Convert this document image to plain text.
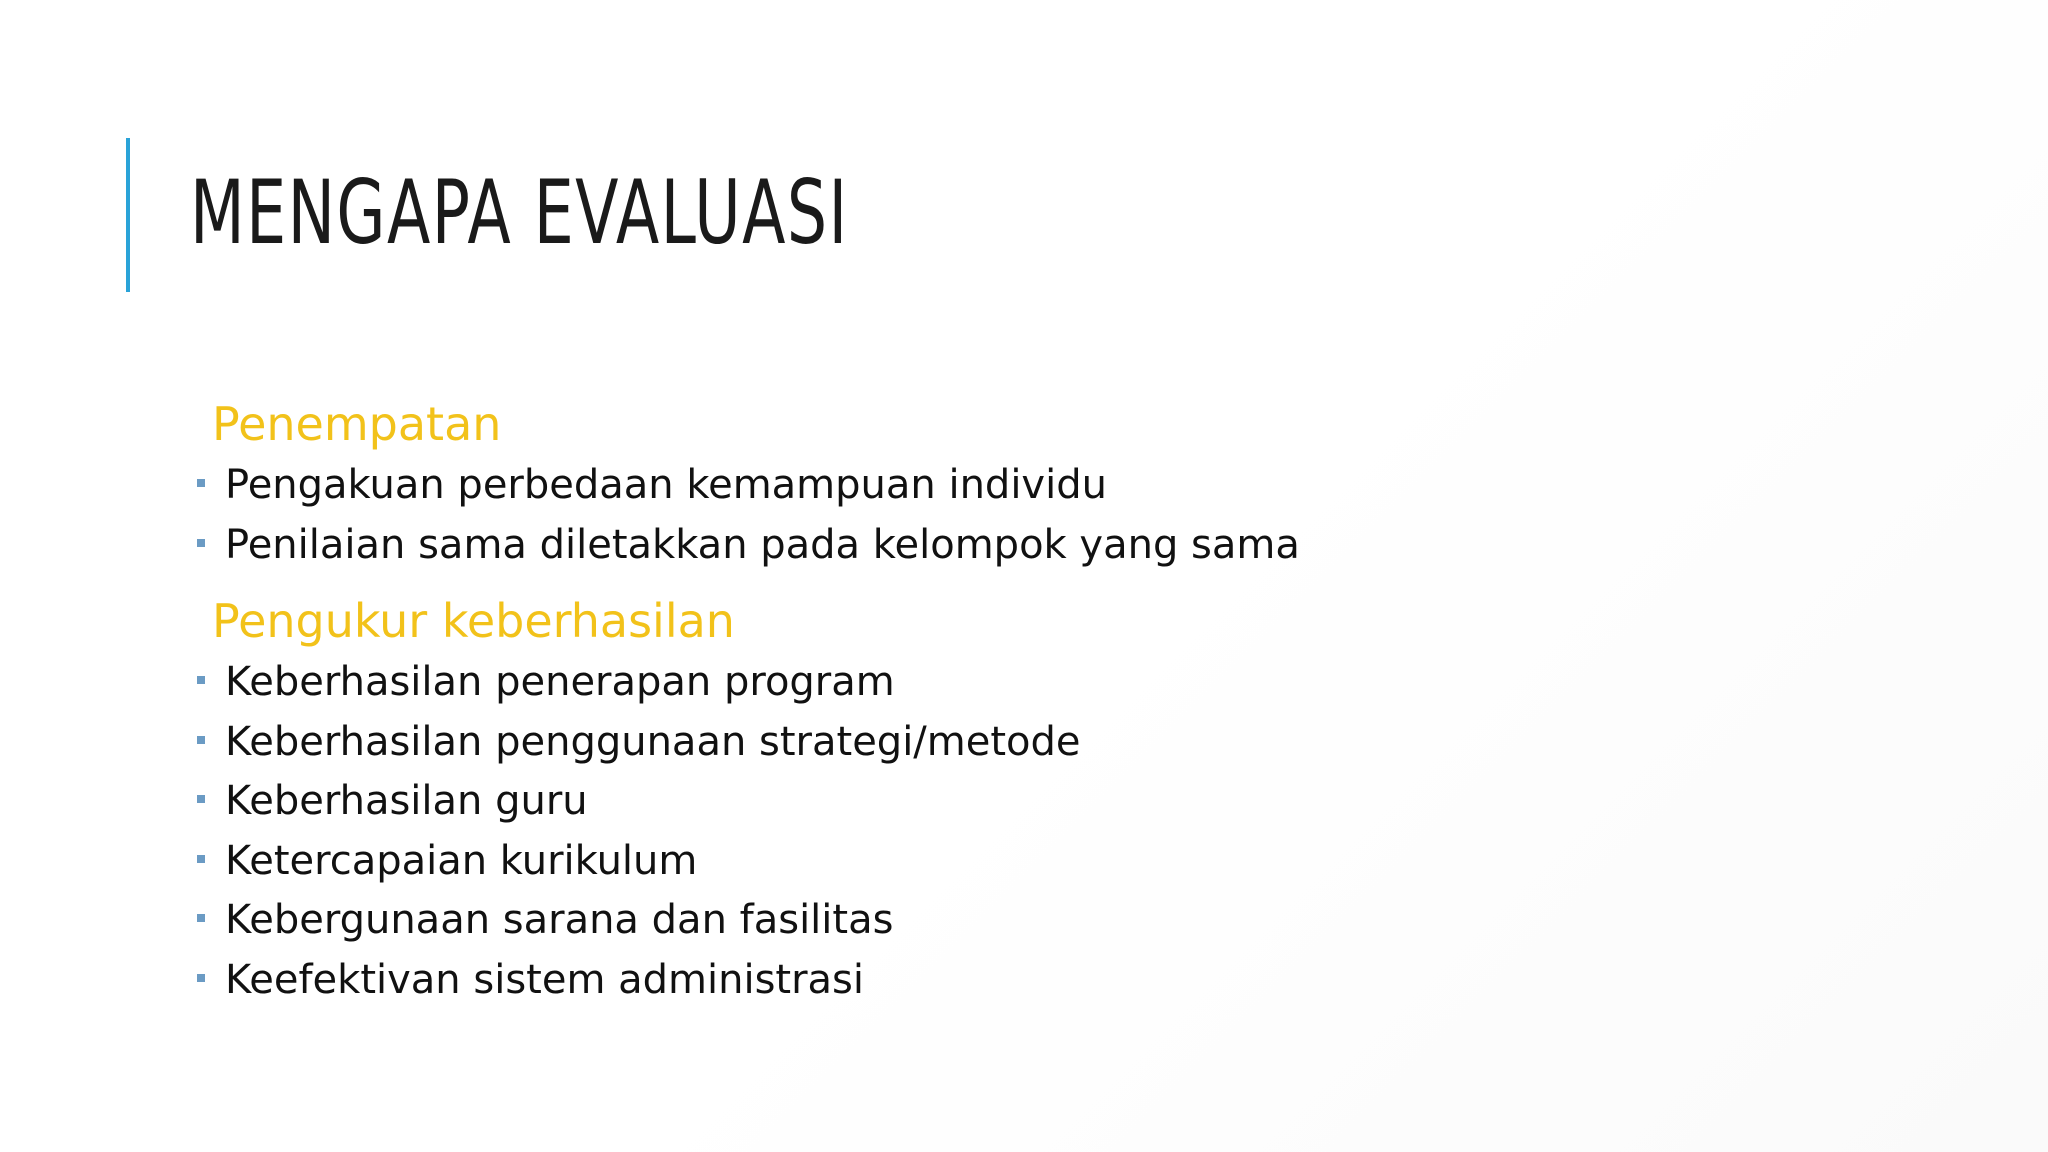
MENGAPA EVALUASI
Penempatan
Pengakuan perbedaan kemampuan individu
Penilaian sama diletakkan pada kelompok yang sama
Pengukur keberhasilan
Keberhasilan penerapan program
Keberhasilan penggunaan strategi/metode
Keberhasilan guru
Ketercapaian kurikulum
Kebergunaan sarana dan fasilitas
Keefektivan sistem administrasi
